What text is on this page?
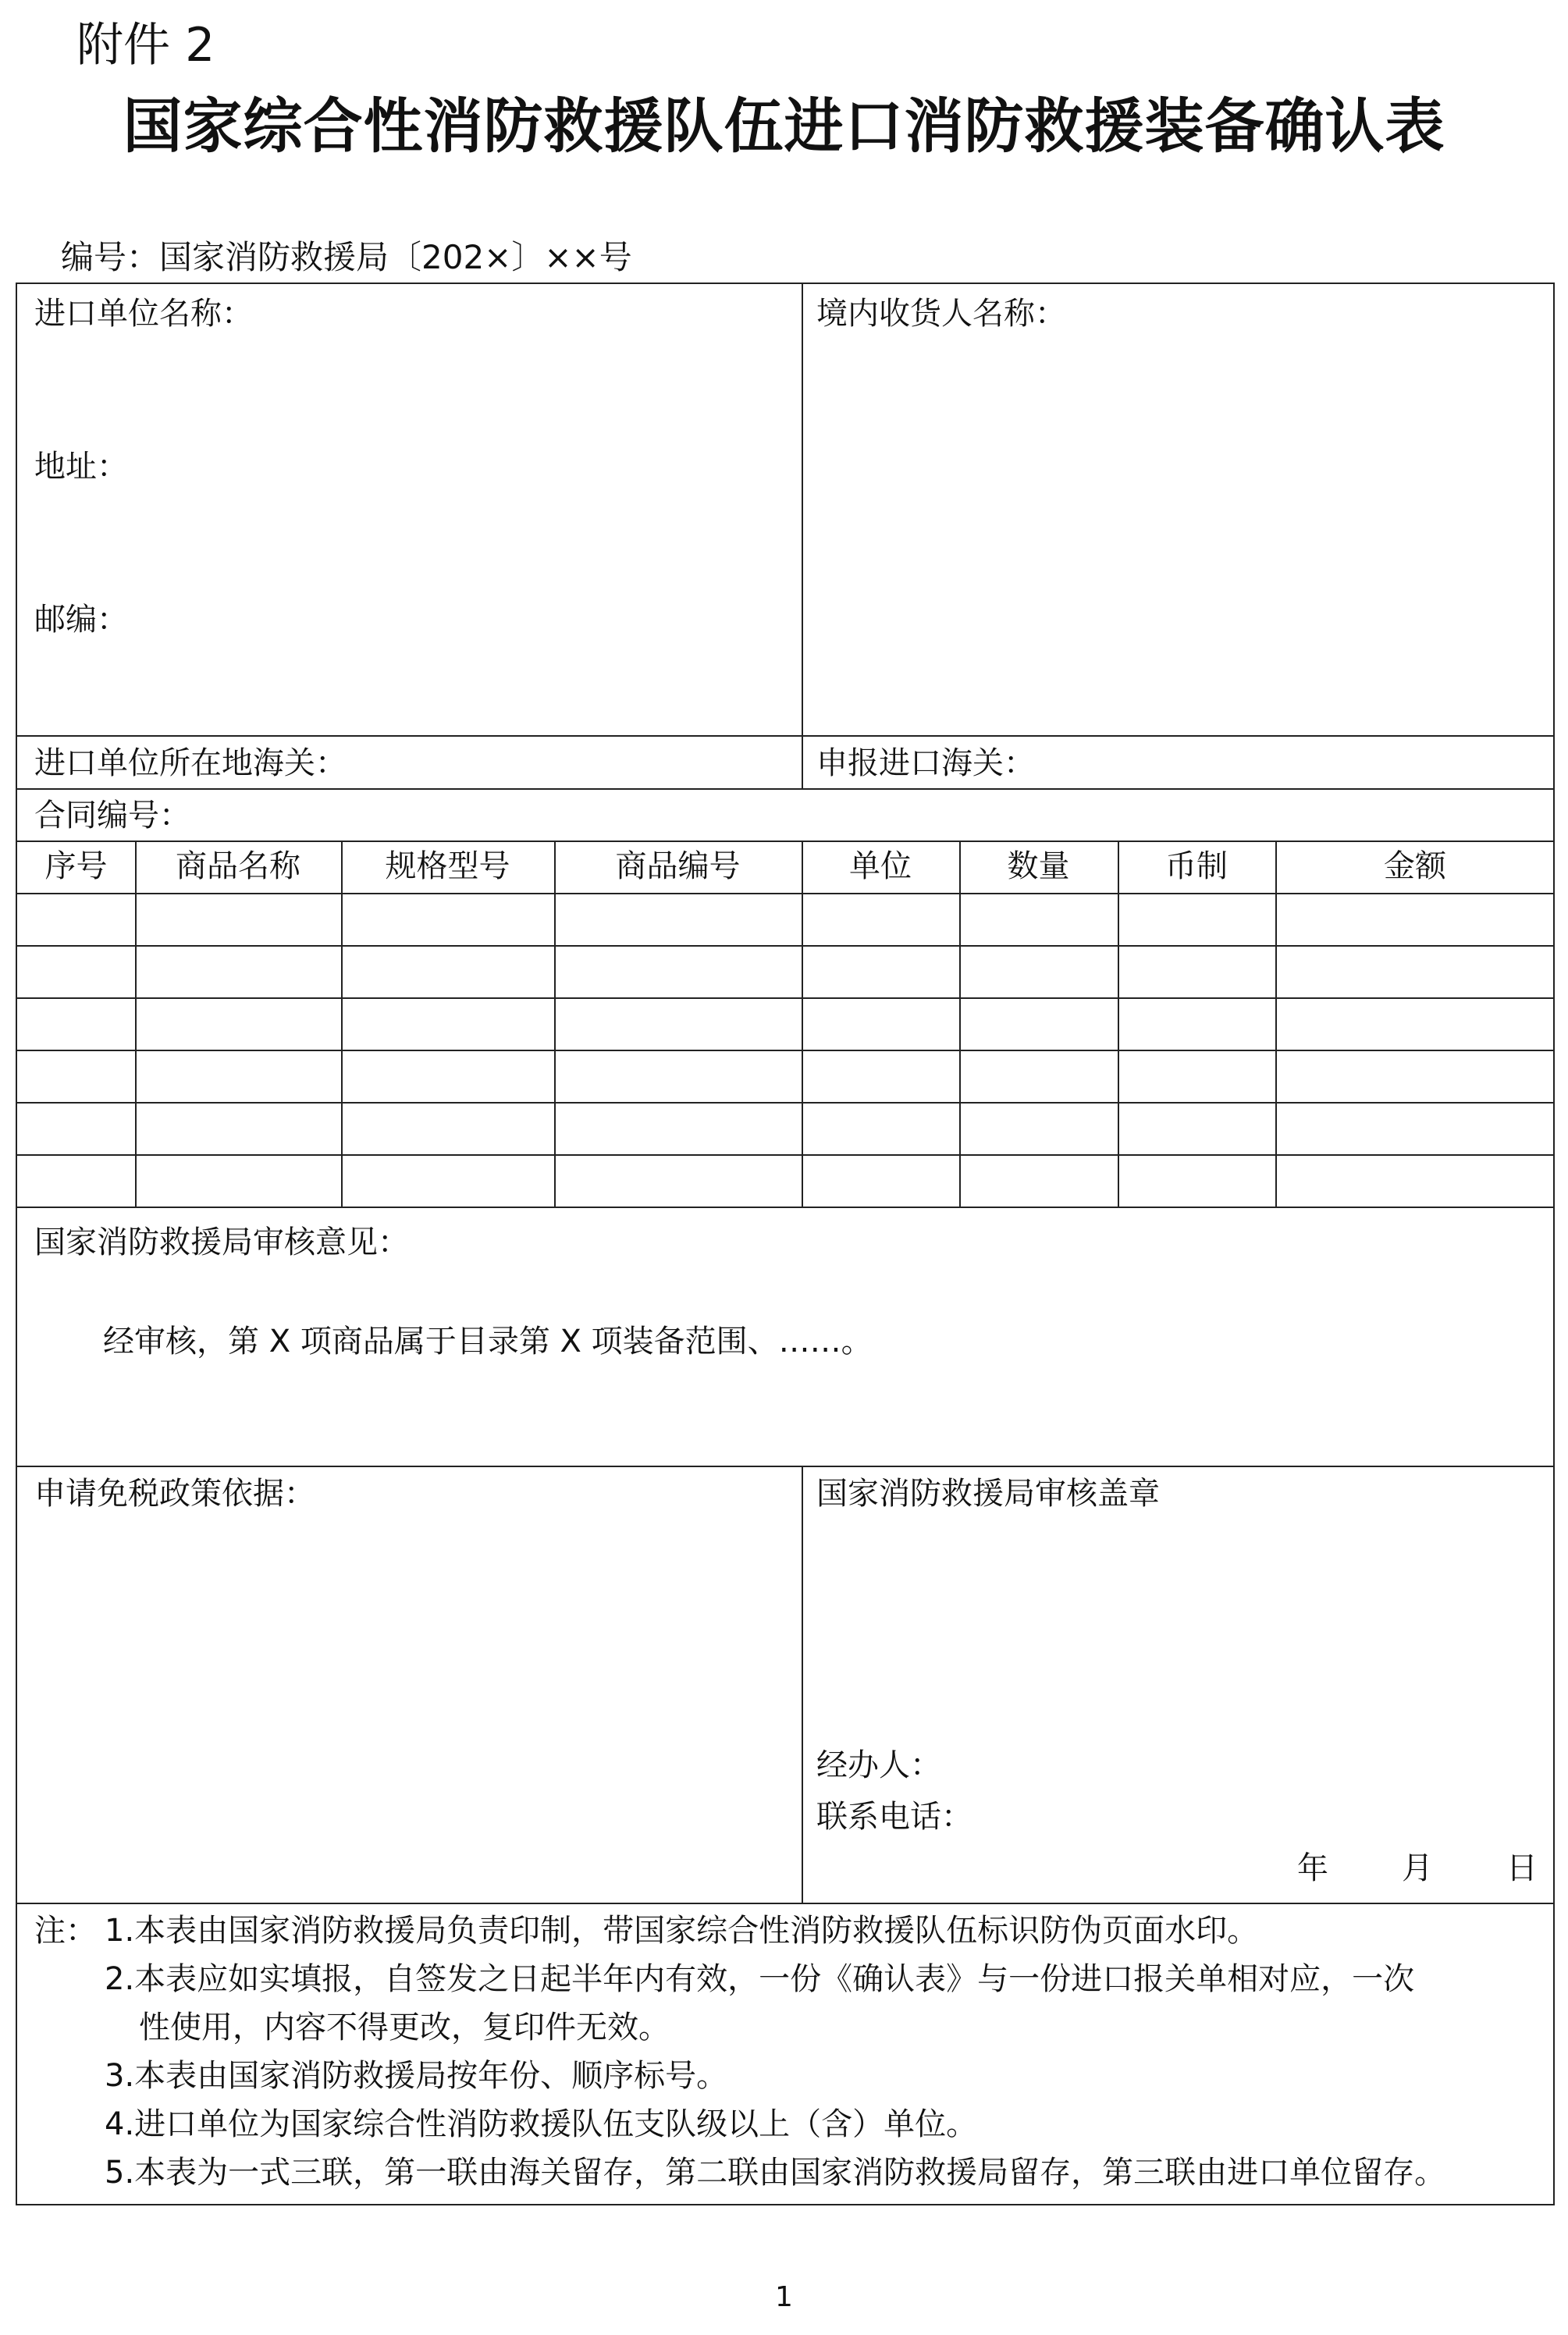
附件 2
国家综合性消防救援队伍进口消防救援装备确认表
编号：国家消防救援局〔202×〕××号
进口单位名称：
地址：
邮编：
境内收货人名称：
进口单位所在地海关：	申报进口海关：
合同编号：
序号	商品名称	规格型号	商品编号	单位	数量	币制	金额
国家消防救援局审核意见：
经审核，第 X 项商品属于目录第 X 项装备范围、……。
申请免税政策依据：	国家消防救援局审核盖章
经办人：
联系电话：
年 月 日
注： 1.本表由国家消防救援局负责印制，带国家综合性消防救援队伍标识防伪页面水印。
2.本表应如实填报，自签发之日起半年内有效，一份《确认表》与一份进口报关单相对应，一次
性使用，内容不得更改，复印件无效。
3.本表由国家消防救援局按年份、顺序标号。
4.进口单位为国家综合性消防救援队伍支队级以上（含）单位。
5.本表为一式三联，第一联由海关留存，第二联由国家消防救援局留存，第三联由进口单位留存。
1
